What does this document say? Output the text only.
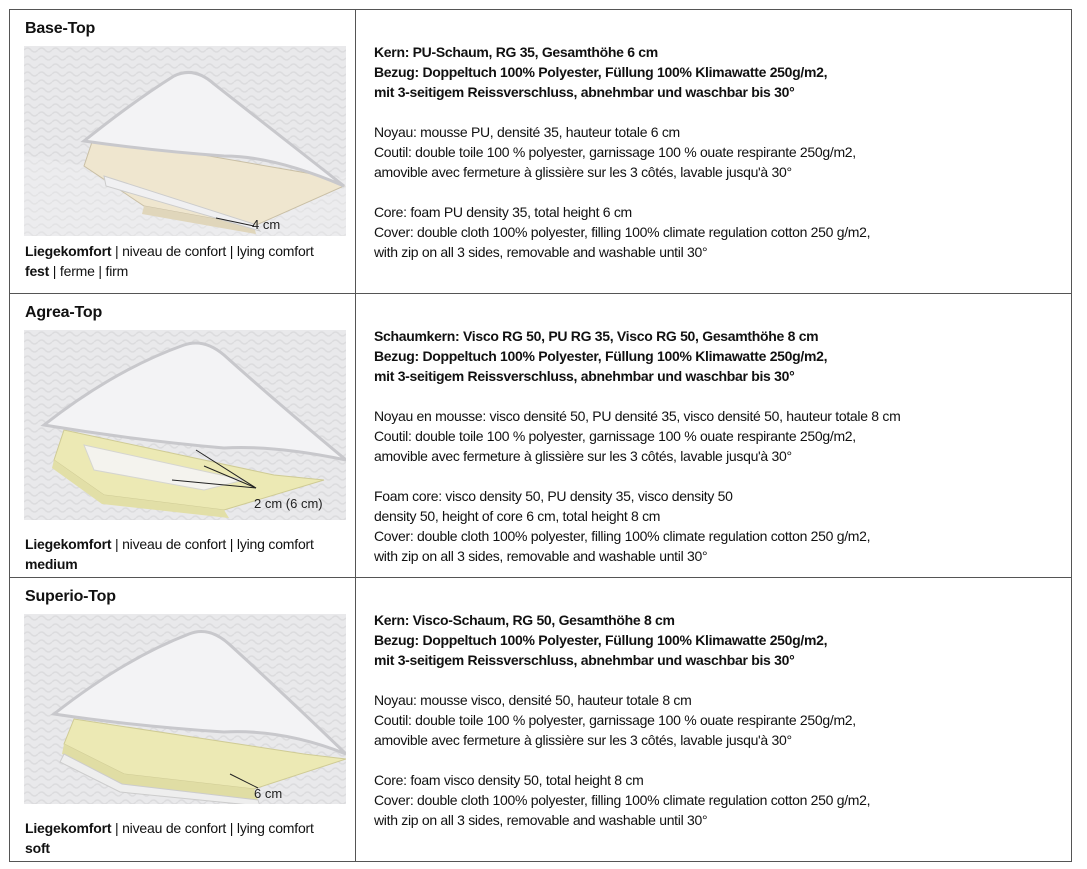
Base-Top
4 cm
Liegekomfort | niveau de confort | lying comfort
fest | ferme | firm

Kern: PU-Schaum, RG 35, Gesamthöhe 6 cm
Bezug: Doppeltuch 100% Polyester, Füllung 100% Klimawatte 250g/m2,
mit 3-seitigem Reissverschluss, abnehmbar und waschbar bis 30°

Noyau: mousse PU, densité 35, hauteur totale 6 cm
Coutil: double toile 100 % polyester, garnissage 100 % ouate respirante 250g/m2,
amovible avec fermeture à glissière sur les 3 côtés, lavable jusqu'à 30°

Core: foam PU density 35, total height 6 cm
Cover: double cloth 100% polyester, filling 100% climate regulation cotton 250 g/m2,
with zip on all 3 sides, removable and washable until 30°

Agrea-Top
2 cm (6 cm)
Liegekomfort | niveau de confort | lying comfort
medium

Schaumkern: Visco RG 50, PU RG 35, Visco RG 50, Gesamthöhe 8 cm
Bezug: Doppeltuch 100% Polyester, Füllung 100% Klimawatte 250g/m2,
mit 3-seitigem Reissverschluss, abnehmbar und waschbar bis 30°

Noyau en mousse: visco densité 50, PU densité 35, visco densité 50, hauteur totale 8 cm
Coutil: double toile 100 % polyester, garnissage 100 % ouate respirante 250g/m2,
amovible avec fermeture à glissière sur les 3 côtés, lavable jusqu'à 30°

Foam core: visco density 50, PU density 35, visco density 50
density 50, height of core 6 cm, total height 8 cm
Cover: double cloth 100% polyester, filling 100% climate regulation cotton 250 g/m2,
with zip on all 3 sides, removable and washable until 30°

Superio-Top
6 cm
Liegekomfort | niveau de confort | lying comfort
soft

Kern: Visco-Schaum, RG 50, Gesamthöhe 8 cm
Bezug: Doppeltuch 100% Polyester, Füllung 100% Klimawatte 250g/m2,
mit 3-seitigem Reissverschluss, abnehmbar und waschbar bis 30°

Noyau: mousse visco, densité 50, hauteur totale 8 cm
Coutil: double toile 100 % polyester, garnissage 100 % ouate respirante 250g/m2,
amovible avec fermeture à glissière sur les 3 côtés, lavable jusqu'à 30°

Core: foam visco density 50, total height 8 cm
Cover: double cloth 100% polyester, filling 100% climate regulation cotton 250 g/m2,
with zip on all 3 sides, removable and washable until 30°
